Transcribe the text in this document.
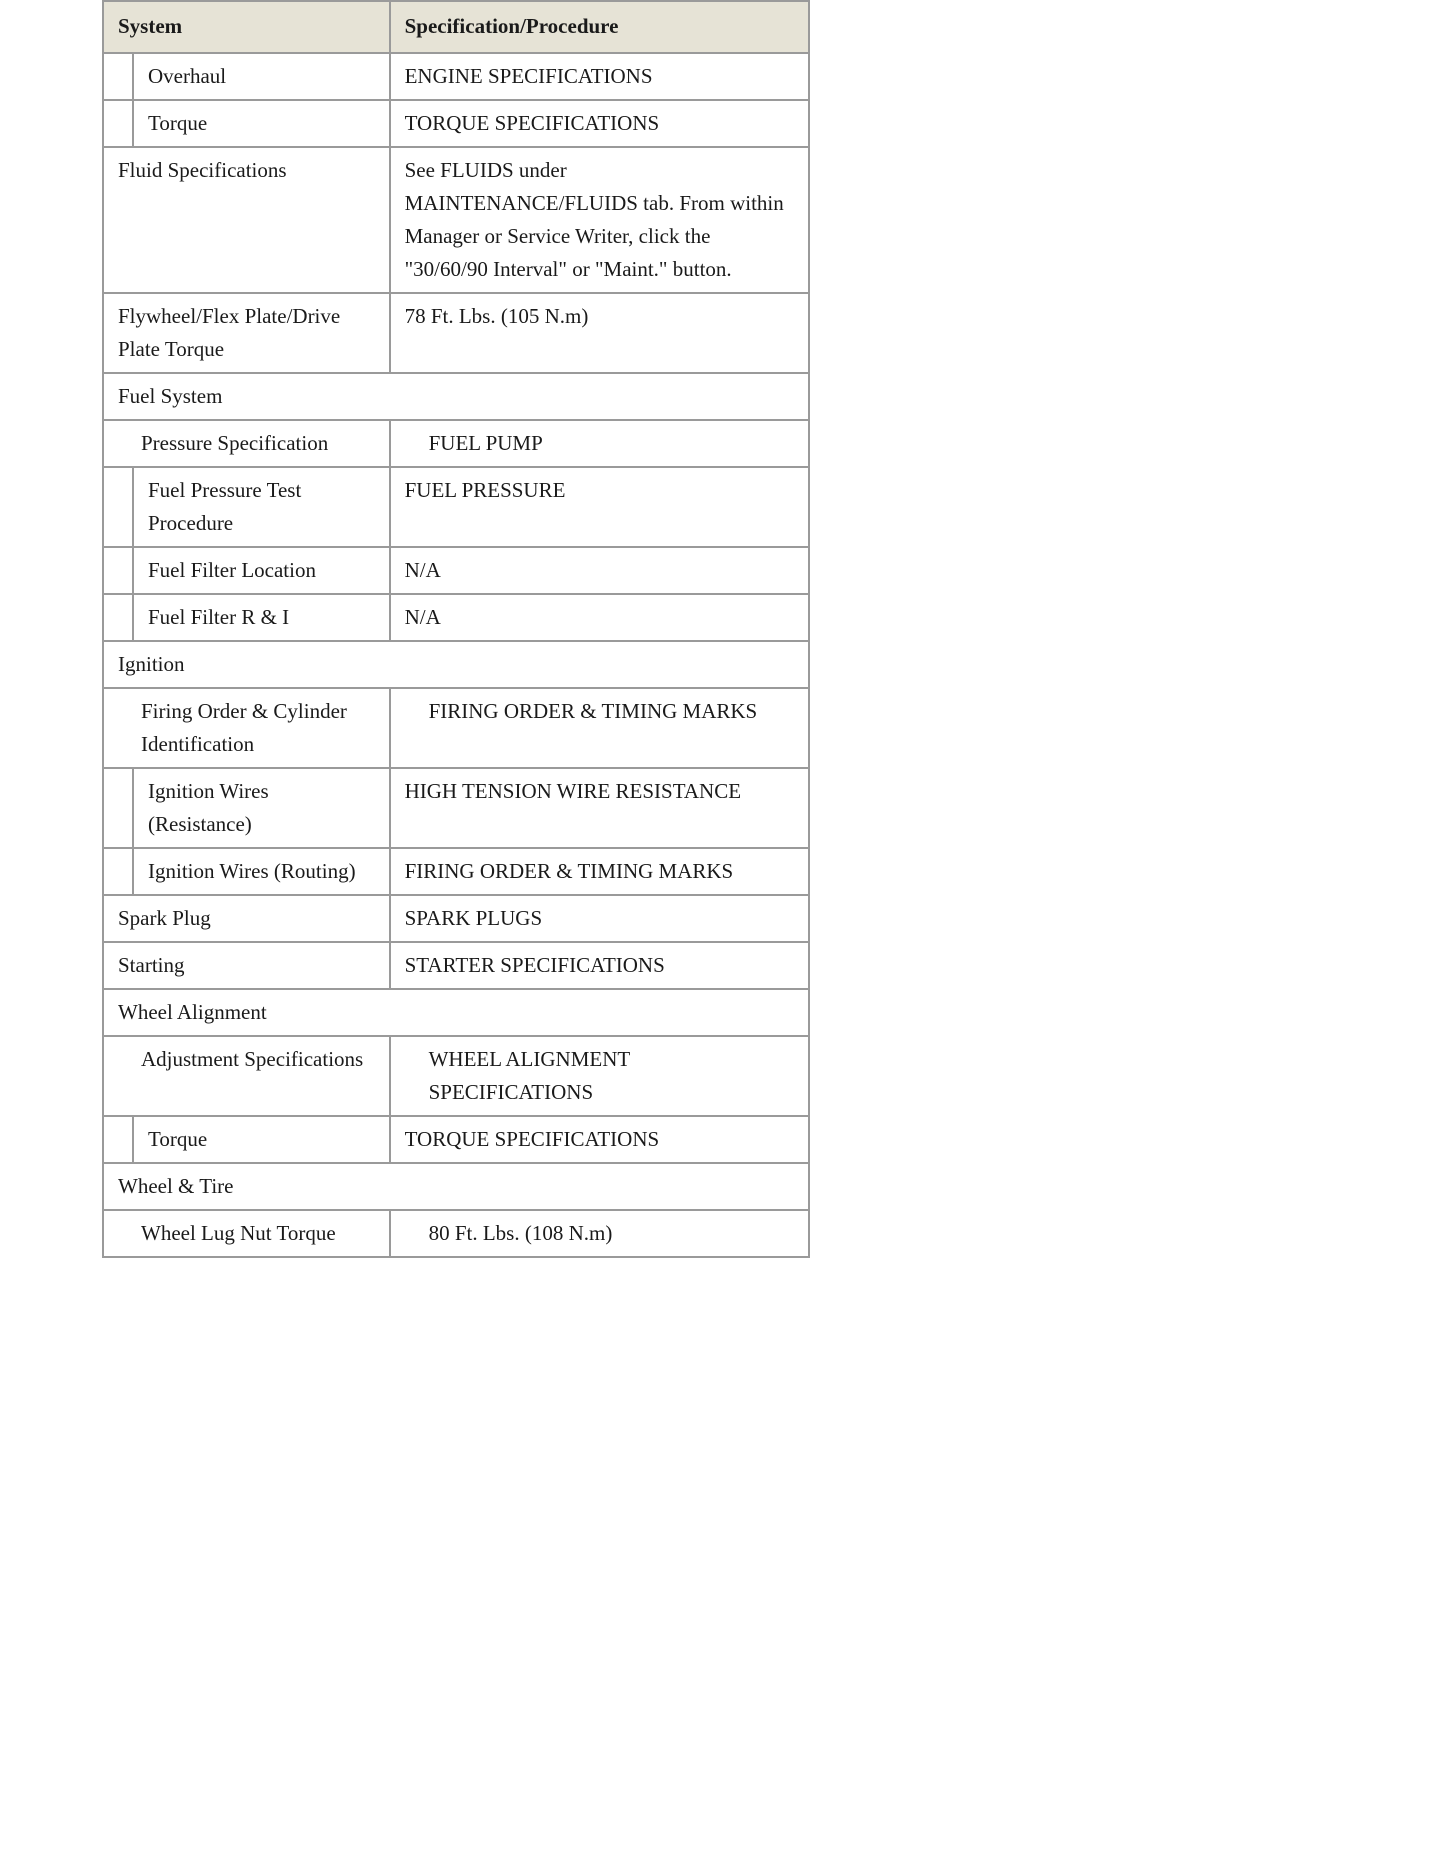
System	Specification/Procedure

Overhaul	ENGINE SPECIFICATIONS

Torque	TORQUE SPECIFICATIONS
Fluid Specifications	See FLUIDS under MAINTENANCE/FLUIDS tab. From within Manager or Service Writer, click the "30/60/90 Interval" or "Maint." button.
Flywheel/Flex Plate/Drive Plate Torque	78 Ft. Lbs. (105 N.m)
Fuel System	
Pressure Specification	FUEL PUMP

Fuel Pressure Test Procedure	FUEL PRESSURE

Fuel Filter Location	N/A

Fuel Filter R & I	N/A
Ignition	
Firing Order & Cylinder Identification	FIRING ORDER & TIMING MARKS

Ignition Wires (Resistance)	HIGH TENSION WIRE RESISTANCE

Ignition Wires (Routing)	FIRING ORDER & TIMING MARKS
Spark Plug	SPARK PLUGS
Starting	STARTER SPECIFICATIONS
Wheel Alignment	
Adjustment Specifications	WHEEL ALIGNMENT SPECIFICATIONS

Torque	TORQUE SPECIFICATIONS
Wheel & Tire	
Wheel Lug Nut Torque	80 Ft. Lbs. (108 N.m)
